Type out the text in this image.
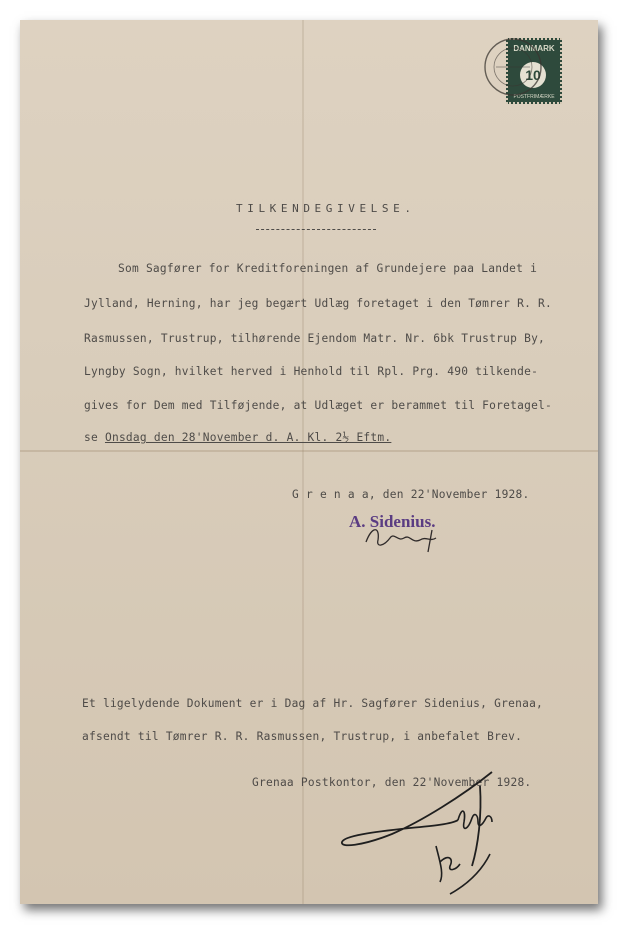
DANMARK
10
POSTFRIMÆRKE
TILKENDEGIVELSE.
Som Sagfører for Kreditforeningen af Grundejere paa Landet i
Jylland, Herning, har jeg begært Udlæg foretaget i den Tømrer R. R.
Rasmussen, Trustrup, tilhørende Ejendom Matr. Nr. 6bk Trustrup By,
Lyngby Sogn, hvilket herved i Henhold til Rpl. Prg. 490 tilkende-
gives for Dem med Tilføjende, at Udlæget er berammet til Foretagel-
se Onsdag den 28'November d. A. Kl. 2½ Eftm.
G r e n a a, den 22'November 1928.
A. Sidenius.
Et ligelydende Dokument er i Dag af Hr. Sagfører Sidenius, Grenaa,
afsendt til Tømrer R. R. Rasmussen, Trustrup, i anbefalet Brev.
Grenaa Postkontor, den 22'November 1928.
